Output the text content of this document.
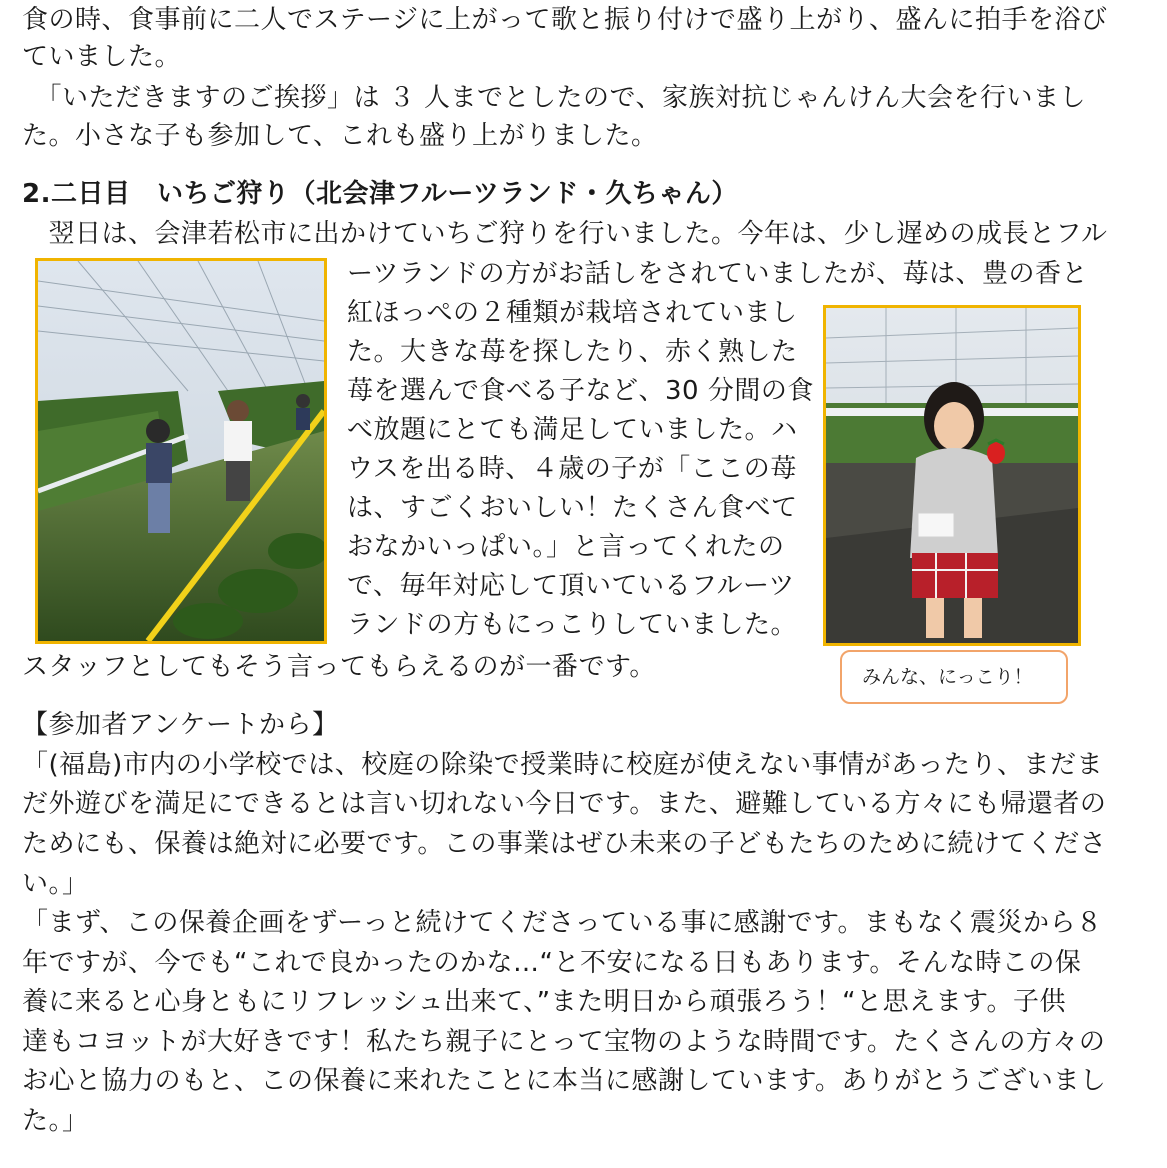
食の時、食事前に二人でステージに上がって歌と振り付けで盛り上がり、盛んに拍手を浴び
ていました。
　「いただきますのご挨拶」は ３ 人までとしたので、家族対抗じゃんけん大会を行いまし
た。小さな子も参加して、これも盛り上がりました。
2.二日目　いちご狩り（北会津フルーツランド・久ちゃん）
　翌日は、会津若松市に出かけていちご狩りを行いました。今年は、少し遅めの成長とフル
ーツランドの方がお話しをされていましたが、苺は、豊の香と
紅ほっぺの２種類が栽培されていまし
た。大きな苺を探したり、赤く熟した
苺を選んで食べる子など、30 分間の食
べ放題にとても満足していました。ハ
ウスを出る時、４歳の子が「ここの苺
は、すごくおいしい！たくさん食べて
おなかいっぱい。」と言ってくれたの
で、毎年対応して頂いているフルーツ
ランドの方もにっこりしていました。
スタッフとしてもそう言ってもらえるのが一番です。	みんな、にっこり！
【参加者アンケートから】
「(福島)市内の小学校では、校庭の除染で授業時に校庭が使えない事情があったり、まだま
だ外遊びを満足にできるとは言い切れない今日です。また、避難している方々にも帰還者の
ためにも、保養は絶対に必要です。この事業はぜひ未来の子どもたちのために続けてくださ
い。」
「まず、この保養企画をずーっと続けてくださっている事に感謝です。まもなく震災から８
年ですが、今でも“これで良かったのかな…“と不安になる日もあります。そんな時この保
養に来ると心身ともにリフレッシュ出来て、”また明日から頑張ろう！“と思えます。子供
達もコヨットが大好きです！私たち親子にとって宝物のような時間です。たくさんの方々の
お心と協力のもと、この保養に来れたことに本当に感謝しています。ありがとうございまし
た。」
